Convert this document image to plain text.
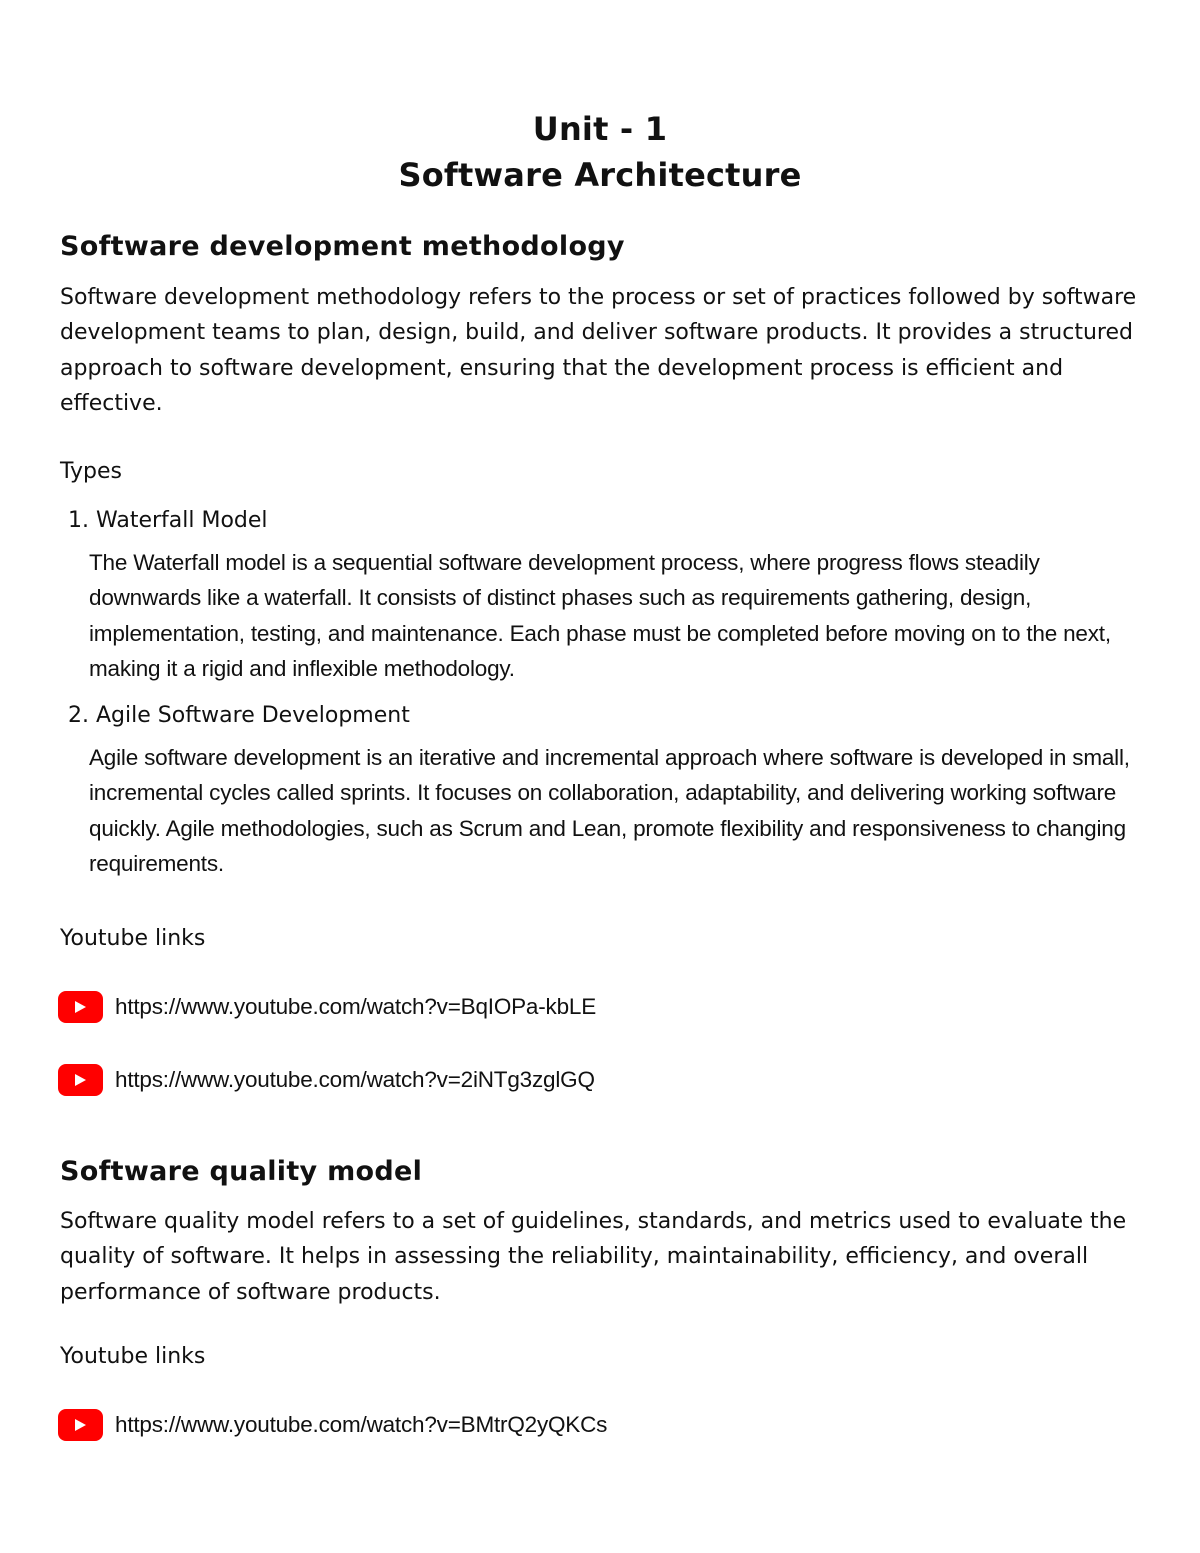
Unit - 1
Software Architecture
Software development methodology
Software development methodology refers to the process or set of practices followed by software development teams to plan, design, build, and deliver software products. It provides a structured approach to software development, ensuring that the development process is efficient and effective.
Types
1. Waterfall Model
The Waterfall model is a sequential software development process, where progress flows steadily downwards like a waterfall. It consists of distinct phases such as requirements gathering, design, implementation, testing, and maintenance. Each phase must be completed before moving on to the next, making it a rigid and inflexible methodology.
2. Agile Software Development
Agile software development is an iterative and incremental approach where software is developed in small, incremental cycles called sprints. It focuses on collaboration, adaptability, and delivering working software quickly. Agile methodologies, such as Scrum and Lean, promote flexibility and responsiveness to changing requirements.
Youtube links
https://www.youtube.com/watch?v=BqIOPa-kbLE
https://www.youtube.com/watch?v=2iNTg3zglGQ
Software quality model
Software quality model refers to a set of guidelines, standards, and metrics used to evaluate the quality of software. It helps in assessing the reliability, maintainability, efficiency, and overall performance of software products.
Youtube links
https://www.youtube.com/watch?v=BMtrQ2yQKCs
